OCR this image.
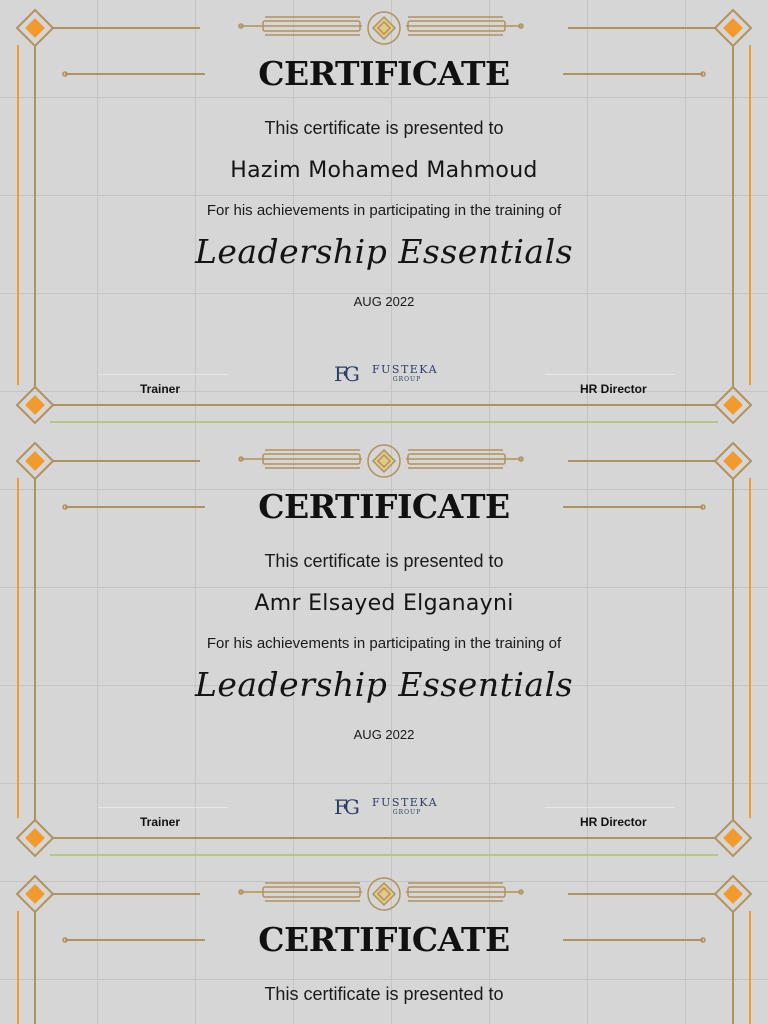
CERTIFICATE
This certificate is presented to
Hazim Mohamed Mahmoud
For his achievements in participating in the training of
Leadership Essentials
AUG 2022
FG FUSTEKA
GROUP
Trainer	HR Director
CERTIFICATE
This certificate is presented to
Amr Elsayed Elganayni
For his achievements in participating in the training of
Leadership Essentials
AUG 2022
FG FUSTEKA
GROUP
Trainer	HR Director
CERTIFICATE
This certificate is presented to
